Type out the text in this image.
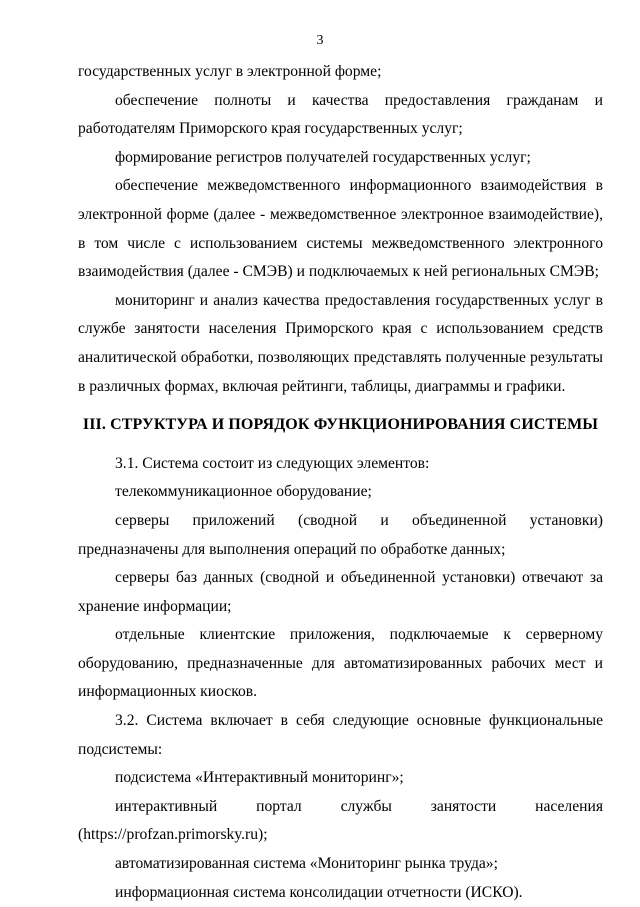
3

государственных услуг в электронной форме;

обеспечение полноты и качества предоставления гражданам и работодателям Приморского края государственных услуг;

формирование регистров получателей государственных услуг;

обеспечение межведомственного информационного взаимодействия в электронной форме (далее - межведомственное электронное взаимодействие), в том числе с использованием системы межведомственного электронного взаимодействия (далее - СМЭВ) и подключаемых к ней региональных СМЭВ;

мониторинг и анализ качества предоставления государственных услуг в службе занятости населения Приморского края с использованием средств аналитической обработки, позволяющих представлять полученные результаты в различных формах, включая рейтинги, таблицы, диаграммы и графики.

III. СТРУКТУРА И ПОРЯДОК ФУНКЦИОНИРОВАНИЯ СИСТЕМЫ

3.1. Система состоит из следующих элементов:

телекоммуникационное оборудование;

серверы приложений (сводной и объединенной установки) предназначены для выполнения операций по обработке данных;

серверы баз данных (сводной и объединенной установки) отвечают за хранение информации;

отдельные клиентские приложения, подключаемые к серверному оборудованию, предназначенные для автоматизированных рабочих мест и информационных киосков.

3.2. Система включает в себя следующие основные функциональные подсистемы:

подсистема «Интерактивный мониторинг»;

интерактивный портал службы занятости населения (https://profzan.primorsky.ru);

автоматизированная система «Мониторинг рынка труда»;

информационная система консолидации отчетности (ИСКО).
